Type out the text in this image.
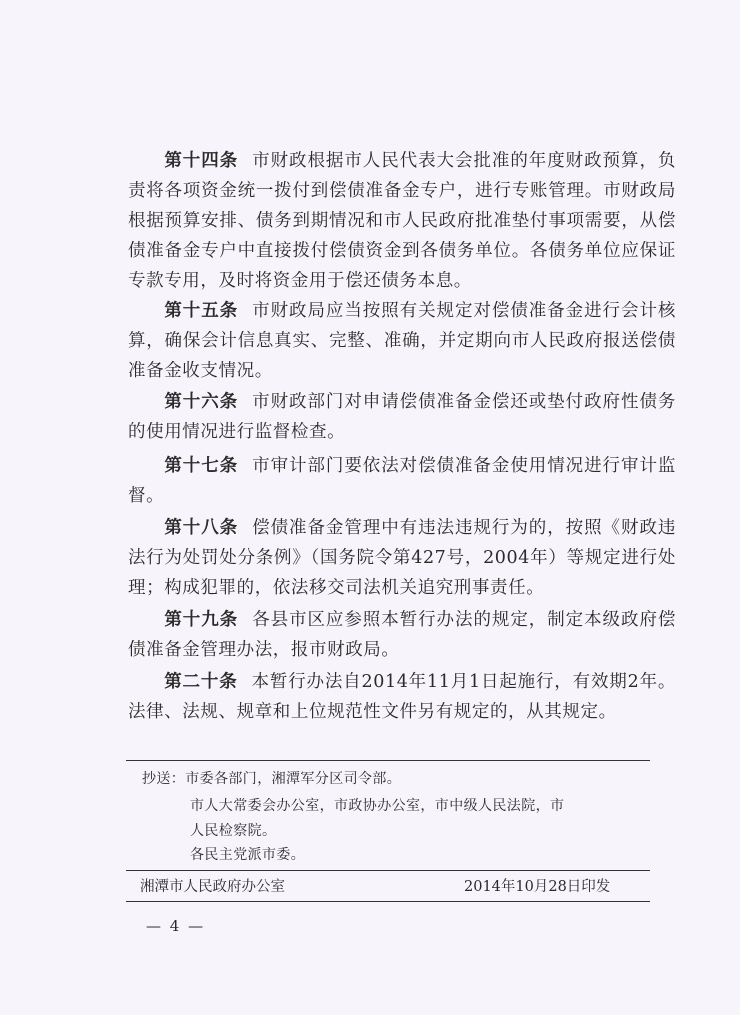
第十四条 市财政根据市人民代表大会批准的年度财政预算，负责将各项资金统一拨付到偿债准备金专户，进行专账管理。市财政局根据预算安排、债务到期情况和市人民政府批准垫付事项需要，从偿债准备金专户中直接拨付偿债资金到各债务单位。各债务单位应保证专款专用，及时将资金用于偿还债务本息。
第十五条 市财政局应当按照有关规定对偿债准备金进行会计核算，确保会计信息真实、完整、准确，并定期向市人民政府报送偿债准备金收支情况。
第十六条 市财政部门对申请偿债准备金偿还或垫付政府性债务的使用情况进行监督检查。
第十七条 市审计部门要依法对偿债准备金使用情况进行审计监督。
第十八条 偿债准备金管理中有违法违规行为的，按照《财政违法行为处罚处分条例》（国务院令第427号，2004年）等规定进行处理；构成犯罪的，依法移交司法机关追究刑事责任。
第十九条 各县市区应参照本暂行办法的规定，制定本级政府偿债准备金管理办法，报市财政局。
第二十条 本暂行办法自2014年11月1日起施行，有效期2年。法律、法规、规章和上位规范性文件另有规定的，从其规定。
抄送：市委各部门，湘潭军分区司令部。
市人大常委会办公室，市政协办公室，市中级人民法院，市
人民检察院。
各民主党派市委。
湘潭市人民政府办公室	2014年10月28日印发
— 4 —
